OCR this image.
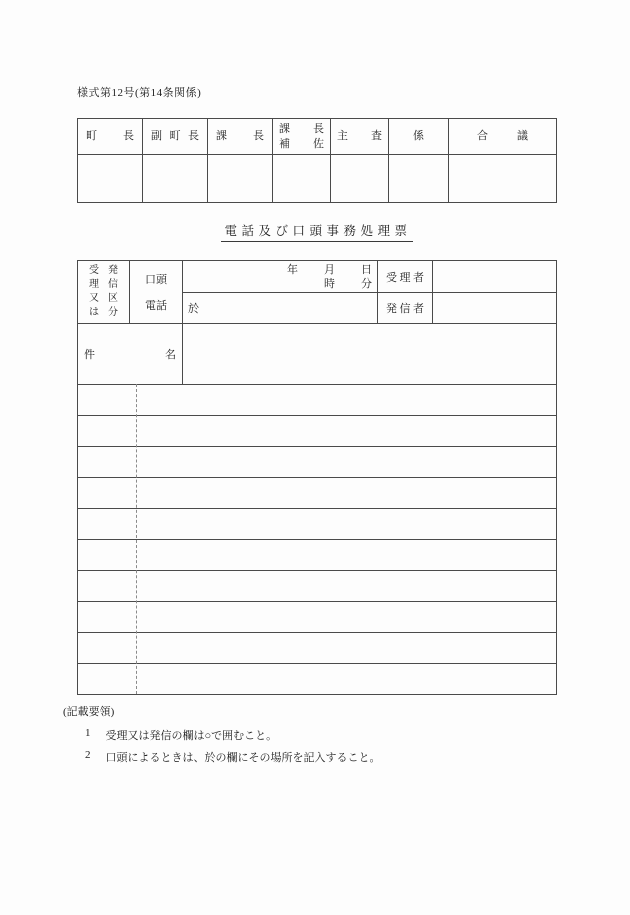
様式第12号(第14条関係)
町長 副町長 課長
課長
補佐
主査	係	合議
電話及び口頭事務処理票
受発
理信
又区
は分
口頭
電話
年 月 日
時 分
於
受理者
発信者
件名
(記載要領)
1 受理又は発信の欄は○で囲むこと。
2 口頭によるときは、於の欄にその場所を記入すること。
